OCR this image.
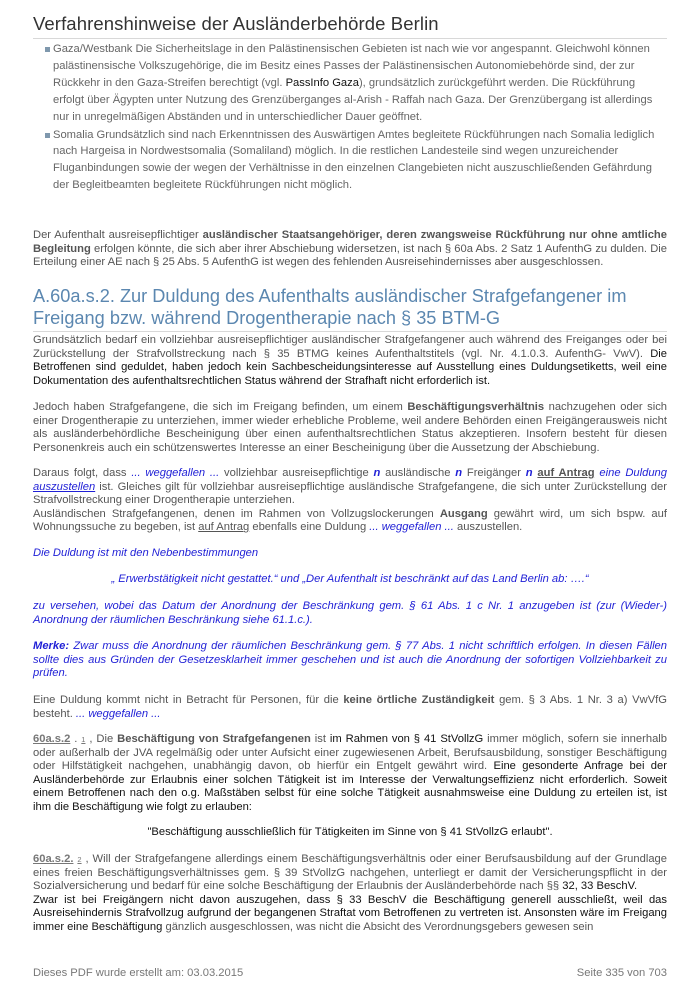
Verfahrenshinweise der Ausländerbehörde Berlin
Gaza/Westbank Die Sicherheitslage in den Palästinensischen Gebieten ist nach wie vor angespannt. Gleichwohl können palästinensische Volkszugehörige, die im Besitz eines Passes der Palästinensischen Autonomiebehörde sind, der zur Rückkehr in den Gaza-Streifen berechtigt (vgl. PassInfo Gaza), grundsätzlich zurückgeführt werden. Die Rückführung erfolgt über Ägypten unter Nutzung des Grenzüberganges al-Arish - Raffah nach Gaza. Der Grenzübergang ist allerdings nur in unregelmäßigen Abständen und in unterschiedlicher Dauer geöffnet.
Somalia Grundsätzlich sind nach Erkenntnissen des Auswärtigen Amtes begleitete Rückführungen nach Somalia lediglich nach Hargeisa in Nordwestsomalia (Somaliland) möglich. In die restlichen Landesteile sind wegen unzureichender Fluganbindungen sowie der wegen der Verhältnisse in den einzelnen Clangebieten nicht auszuschließenden Gefährdung der Begleitbeamten begleitete Rückführungen nicht möglich.
Der Aufenthalt ausreisepflichtiger ausländischer Staatsangehöriger, deren zwangsweise Rückführung nur ohne amtliche Begleitung erfolgen könnte, die sich aber ihrer Abschiebung widersetzen, ist nach § 60a Abs. 2 Satz 1 AufenthG zu dulden. Die Erteilung einer AE nach § 25 Abs. 5 AufenthG ist wegen des fehlenden Ausreisehindernisses aber ausgeschlossen.
A.60a.s.2. Zur Duldung des Aufenthalts ausländischer Strafgefangener im Freigang bzw. während Drogentherapie nach § 35 BTM-G
Grundsätzlich bedarf ein vollziehbar ausreisepflichtiger ausländischer Strafgefangener auch während des Freiganges oder bei Zurückstellung der Strafvollstreckung nach § 35 BTMG keines Aufenthaltstitels (vgl. Nr. 4.1.0.3. AufenthG- VwV). Die Betroffenen sind geduldet, haben jedoch kein Sachbescheidungsinteresse auf Ausstellung eines Duldungsetiketts, weil eine Dokumentation des aufenthaltsrechtlichen Status während der Strafhaft nicht erforderlich ist.
Jedoch haben Strafgefangene, die sich im Freigang befinden, um einem Beschäftigungsverhältnis nachzugehen oder sich einer Drogentherapie zu unterziehen, immer wieder erhebliche Probleme, weil andere Behörden einen Freigängerausweis nicht als ausländerbehördliche Bescheinigung über einen aufenthaltsrechtlichen Status akzeptieren. Insofern besteht für diesen Personenkreis auch ein schützenswertes Interesse an einer Bescheinigung über die Aussetzung der Abschiebung.
Daraus folgt, dass ... weggefallen ... vollziehbar ausreisepflichtige n ausländische n Freigänger n auf Antrag eine Duldung auszustellen ist. Gleiches gilt für vollziehbar ausreisepflichtige ausländische Strafgefangene, die sich unter Zurückstellung der Strafvollstreckung einer Drogentherapie unterziehen.
Ausländischen Strafgefangenen, denen im Rahmen von Vollzugslockerungen Ausgang gewährt wird, um sich bspw. auf Wohnungssuche zu begeben, ist auf Antrag ebenfalls eine Duldung ... weggefallen ... auszustellen.
Die Duldung ist mit den Nebenbestimmungen
„ Erwerbstätigkeit nicht gestattet.“ und „Der Aufenthalt ist beschränkt auf das Land Berlin ab: ….“
zu versehen, wobei das Datum der Anordnung der Beschränkung gem. § 61 Abs. 1 c Nr. 1 anzugeben ist (zur (Wieder-) Anordnung der räumlichen Beschränkung siehe 61.1.c.).
Merke: Zwar muss die Anordnung der räumlichen Beschränkung gem. § 77 Abs. 1 nicht schriftlich erfolgen. In diesen Fällen sollte dies aus Gründen der Gesetzesklarheit immer geschehen und ist auch die Anordnung der sofortigen Vollziehbarkeit zu prüfen.
Eine Duldung kommt nicht in Betracht für Personen, für die keine örtliche Zuständigkeit gem. § 3 Abs. 1 Nr. 3 a) VwVfG besteht. ... weggefallen ...
60a.s.2 . 1 , Die Beschäftigung von Strafgefangenen ist im Rahmen von § 41 StVollzG immer möglich, sofern sie innerhalb oder außerhalb der JVA regelmäßig oder unter Aufsicht einer zugewiesenen Arbeit, Berufsausbildung, sonstiger Beschäftigung oder Hilfstätigkeit nachgehen, unabhängig davon, ob hierfür ein Entgelt gewährt wird. Eine gesonderte Anfrage bei der Ausländerbehörde zur Erlaubnis einer solchen Tätigkeit ist im Interesse der Verwaltungseffizienz nicht erforderlich. Soweit einem Betroffenen nach den o.g. Maßstäben selbst für eine solche Tätigkeit ausnahmsweise eine Duldung zu erteilen ist, ist ihm die Beschäftigung wie folgt zu erlauben:
"Beschäftigung ausschließlich für Tätigkeiten im Sinne von § 41 StVollzG erlaubt".
60a.s.2. 2 , Will der Strafgefangene allerdings einem Beschäftigungsverhältnis oder einer Berufsausbildung auf der Grundlage eines freien Beschäftigungsverhältnisses gem. § 39 StVollzG nachgehen, unterliegt er damit der Versicherungspflicht in der Sozialversicherung und bedarf für eine solche Beschäftigung der Erlaubnis der Ausländerbehörde nach §§ 32, 33 BeschV.
Zwar ist bei Freigängern nicht davon auszugehen, dass § 33 BeschV die Beschäftigung generell ausschließt, weil das Ausreisehindernis Strafvollzug aufgrund der begangenen Straftat vom Betroffenen zu vertreten ist. Ansonsten wäre im Freigang immer eine Beschäftigung gänzlich ausgeschlossen, was nicht die Absicht des Verordnungsgebers gewesen sein
Dieses PDF wurde erstellt am: 03.03.2015	Seite 335 von 703
